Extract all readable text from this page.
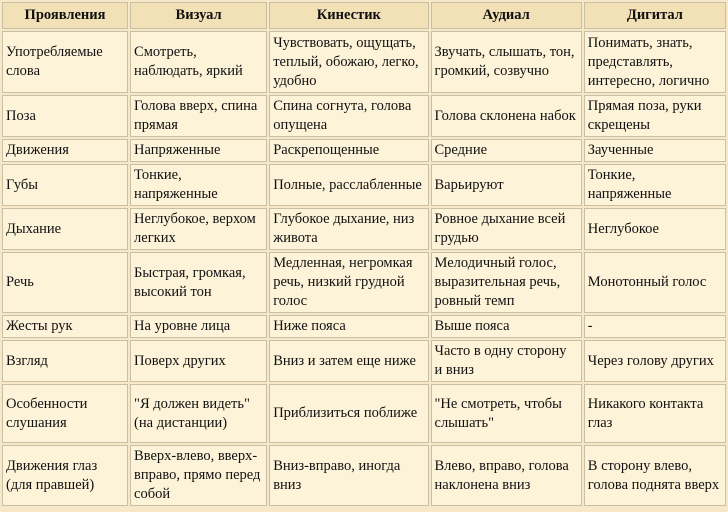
Проявления	Визуал	Кинестик	Аудиал	Дигитал
Употребляемые слова	Смотреть, наблюдать, яркий	Чувствовать, ощущать, теплый, обожаю, легко, удобно	Звучать, слышать, тон, громкий, созвучно	Понимать, знать, представлять, интересно, логично
Поза	Голова вверх, спина прямая	Спина согнута, голова опущена	Голова склонена набок	Прямая поза, руки скрещены
Движения	Напряженные	Раскрепощенные	Средние	Заученные
Губы	Тонкие, напряженные	Полные, расслабленные	Варьируют	Тонкие, напряженные
Дыхание	Неглубокое, верхом легких	Глубокое дыхание, низ живота	Ровное дыхание всей грудью	Неглубокое
Речь	Быстрая, громкая, высокий тон	Медленная, негромкая речь, низкий грудной голос	Мелодичный голос, выразительная речь, ровный темп	Монотонный голос
Жесты рук	На уровне лица	Ниже пояса	Выше пояса	-
Взгляд	Поверх других	Вниз и затем еще ниже	Часто в одну сторону и вниз	Через голову других
Особенности слушания	"Я должен видеть" (на дистанции)	Приблизиться поближе	"Не смотреть, чтобы слышать"	Никакого контакта глаз
Движения глаз (для правшей)	Вверх-влево, вверх-вправо, прямо перед собой	Вниз-вправо, иногда вниз	Влево, вправо, голова наклонена вниз	В сторону влево, голова поднята вверх
